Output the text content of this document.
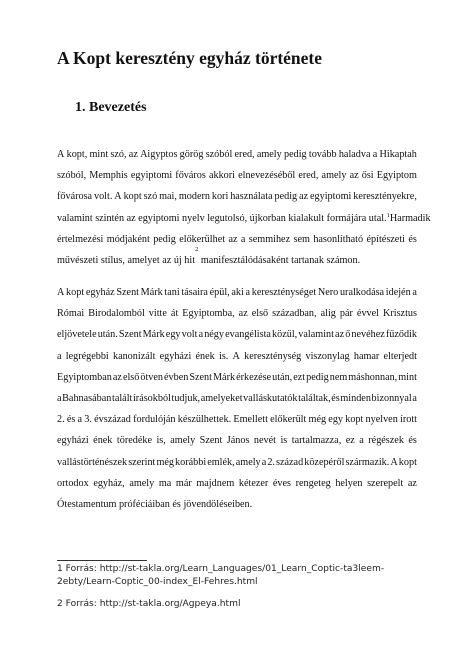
A Kopt keresztény egyház története
1. Bevezetés
A kopt, mint szó, az Aigyptos görög szóból ered, amely pedig tovább haladva a Hikaptah
szóból, Memphis egyiptomi főváros akkori elnevezéséből ered, amely az ősi Egyiptom
fővárosa volt. A kopt szó mai, modern kori használata pedig az egyiptomi keresztényekre,
valamint szintén az egyiptomi nyelv legutolsó, újkorban kialakult formájára utal.$^1$ Harmadik
értelmezési módjaként pedig előkerülhet az a semmihez sem hasonlítható építészeti és
művészeti stílus, amelyet az új hit
2

manifesztálódásaként tartanak számon.
A kopt egyház Szent Márk tani tásaira épül, aki a kereszténységet Nero uralkodása idején a
Római Birodalomból vitte át Egyiptomba, az első században, alig pár évvel Krisztus
eljövetele után. Szent Márk egy volt a négy evangélista közül, valamint az ő nevéhez fűződik
a legrégebbi kanonizált egyházi ének is. A kereszténység viszonylag hamar elterjedt
Egyiptomban az első ötven évben Szent Márk érkezése után, ezt pedig nem máshonnan, mint
a Bahnasában talált írásokból tudjuk, amelyeket valláskutatók találtak, és minden bizonnyal a
2. és a 3. évszázad fordulóján készülhettek. Emellett előkerült még egy kopt nyelven írott
egyházi ének töredéke is, amely Szent János nevét is tartalmazza, ez a régészek és
vallástörténészek szerint még korábbi emlék, amely a 2. század közepéről származik. A kopt
ortodox egyház, amely ma már majdnem kétezer éves rengeteg helyen szerepelt az
Ótestamentum próféciáiban és jövendöléseiben.
1 Forrás: http://st-takla.org/Learn_Languages/01_Learn_Coptic-ta3leem-
2ebty/Learn-Coptic_00-index_El-Fehres.html
2 Forrás: http://st-takla.org/Agpeya.html
